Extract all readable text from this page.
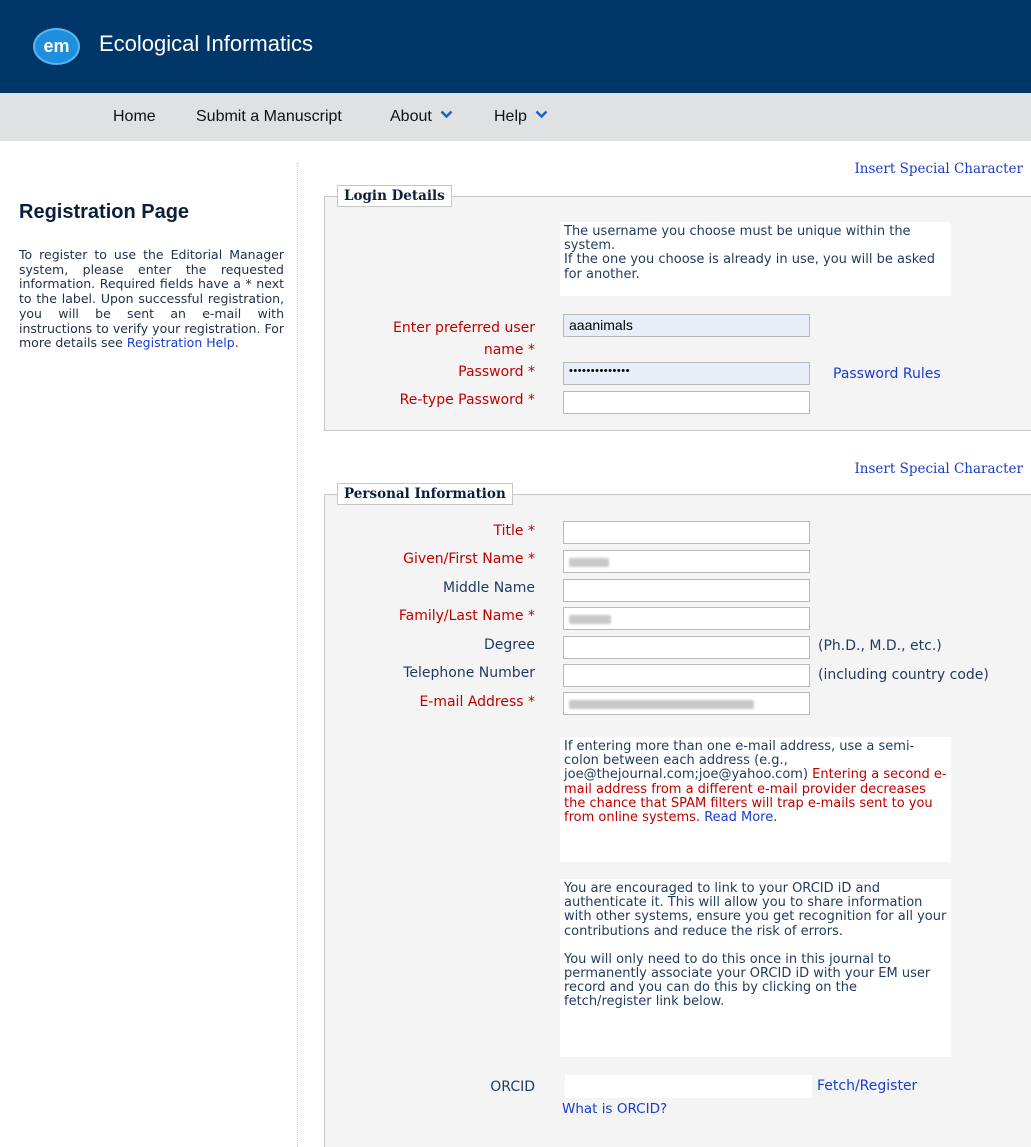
em	Ecological Informatics
Home	Submit a Manuscript	About	Help
Registration Page
To register to use the Editorial Manager system, please enter the requested information. Required fields have a * next to the label. Upon successful registration, you will be sent an e-mail with instructions to verify your registration. For more details see Registration Help.
Insert Special Character
Login Details
The username you choose must be unique within the system.
If the one you choose is already in use, you will be asked for another.
Enter preferred user name *
aaanimals
Password *	••••••••••••••	Password Rules
Re-type Password *
Insert Special Character
Personal Information
Title *
Given/First Name *
Middle Name
Family/Last Name *
Degree	(Ph.D., M.D., etc.)
Telephone Number	(including country code)
E-mail Address *
If entering more than one e-mail address, use a semi-colon between each address (e.g., joe@thejournal.com;joe@yahoo.com) Entering a second e-mail address from a different e-mail provider decreases the chance that SPAM filters will trap e-mails sent to you from online systems. Read More.
You are encouraged to link to your ORCID iD and authenticate it. This will allow you to share information with other systems, ensure you get recognition for all your contributions and reduce the risk of errors.
You will only need to do this once in this journal to permanently associate your ORCID iD with your EM user record and you can do this by clicking on the fetch/register link below.
ORCID	Fetch/Register
What is ORCID?
